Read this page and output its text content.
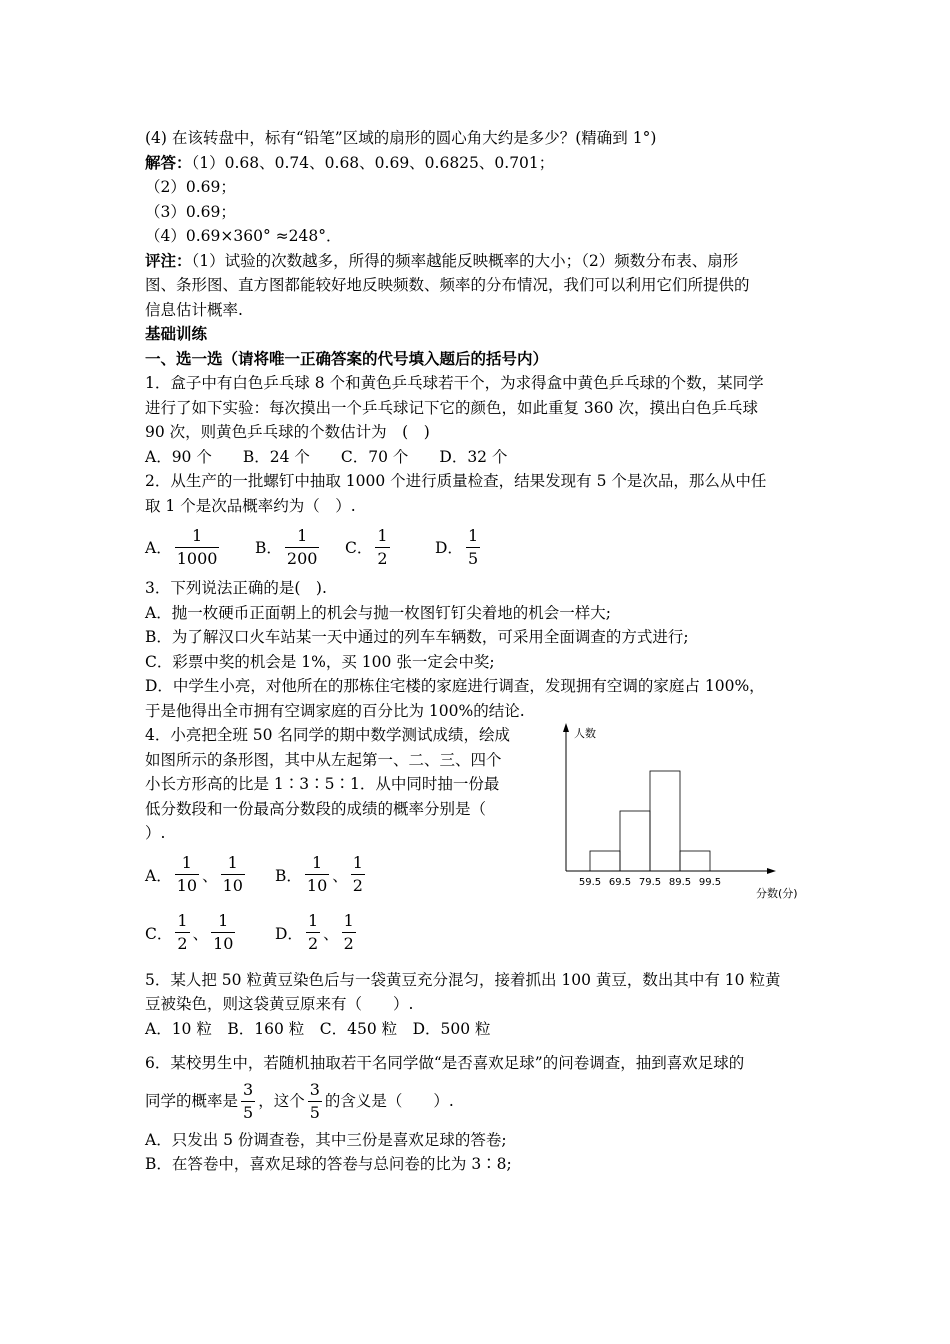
(4) 在该转盘中，标有“铅笔”区域的扇形的圆心角大约是多少？(精确到 1°)
解答：（1）0.68、0.74、0.68、0.69、0.6825、0.701；
（2）0.69；
（3）0.69；
（4）0.69×360° ≈248°．
评注：（1）试验的次数越多，所得的频率越能反映概率的大小；（2）频数分布表、扇形
图、条形图、直方图都能较好地反映频数、频率的分布情况，我们可以利用它们所提供的
信息估计概率.
基础训练
一、选一选（请将唯一正确答案的代号填入题后的括号内）
1．盒子中有白色乒乓球 8 个和黄色乒乓球若干个，为求得盒中黄色乒乓球的个数，某同学
进行了如下实验：每次摸出一个乒乓球记下它的颜色，如此重复 360 次，摸出白色乒乓球
90 次，则黄色乒乓球的个数估计为　(　)
A．90 个　　B．24 个　　C．70 个　　D．32 个
2．从生产的一批螺钉中抽取 1000 个进行质量检查，结果发现有 5 个是次品，那么从中任
取 1 个是次品概率约为（　）.
A． $\frac{1}{1000}$ B． $\frac{1}{200}$ C． $\frac{1}{2}$	D． $\frac{1}{5}$
3．下列说法正确的是(　).
A．抛一枚硬币正面朝上的机会与抛一枚图钉钉尖着地的机会一样大;
B．为了解汉口火车站某一天中通过的列车车辆数，可采用全面调查的方式进行;
C．彩票中奖的机会是 1%，买 100 张一定会中奖;
D．中学生小亮，对他所在的那栋住宅楼的家庭进行调查，发现拥有空调的家庭占 100%，
于是他得出全市拥有空调家庭的百分比为 100%的结论.
4．小亮把全班 50 名同学的期中数学测试成绩，绘成
如图所示的条形图，其中从左起第一、二、三、四个
小长方形高的比是 1∶3∶5∶1．从中同时抽一份最
低分数段和一份最高分数段的成绩的概率分别是（
）.
A． $\frac{1}{10}$ 、 $\frac{1}{10}$ B． $\frac{1}{10}$ 、 $\frac{1}{2}$
C． $\frac{1}{2}$ 、 $\frac{1}{10}$	D． $\frac{1}{2}$ 、 $\frac{1}{2}$
人数
分数(分)
59.5 69.5 79.5 89.5 99.5
5．某人把 50 粒黄豆染色后与一袋黄豆充分混匀，接着抓出 100 黄豆，数出其中有 10 粒黄
豆被染色，则这袋黄豆原来有（　　）.
A．10 粒　B．160 粒　C．450 粒　D．500 粒
6．某校男生中，若随机抽取若干名同学做“是否喜欢足球”的问卷调查，抽到喜欢足球的
同学的概率是 $\frac{3}{5}$ ，这个 $\frac{3}{5}$ 的含义是（　　）.
A．只发出 5 份调查卷，其中三份是喜欢足球的答卷;
B．在答卷中，喜欢足球的答卷与总问卷的比为 3∶8;
